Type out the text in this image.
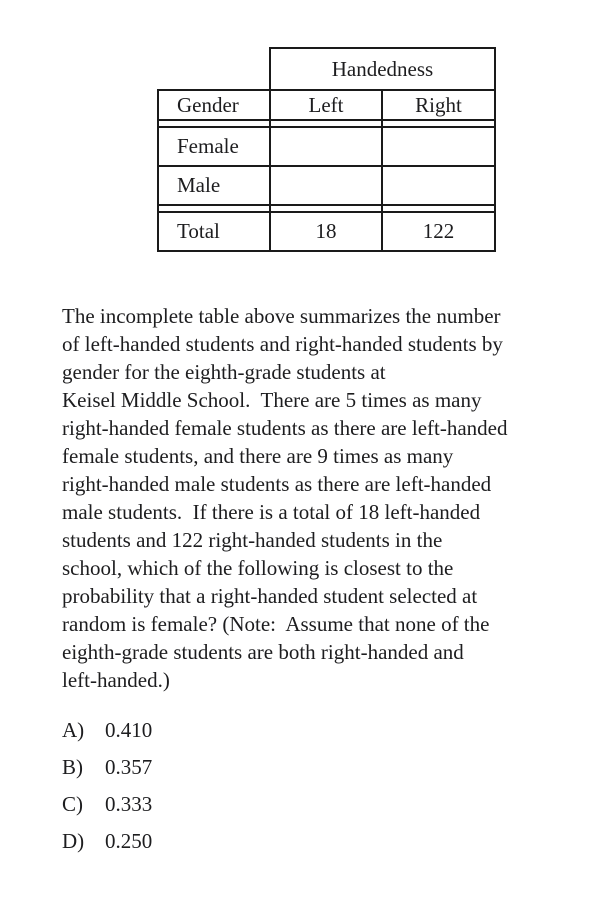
	Handedness	
Gender	Left	Right

Female		
Male		

Total	18	122
The incomplete table above summarizes the number
of left-handed students and right-handed students by
gender for the eighth-grade students at
Keisel Middle School.  There are 5 times as many
right-handed female students as there are left-handed
female students, and there are 9 times as many
right-handed male students as there are left-handed
male students.  If there is a total of 18 left-handed
students and 122 right-handed students in the
school, which of the following is closest to the
probability that a right-handed student selected at
random is female? (Note:  Assume that none of the
eighth-grade students are both right-handed and
left-handed.)
A) 0.410
B)	0.357
C)	0.333
D) 0.250
